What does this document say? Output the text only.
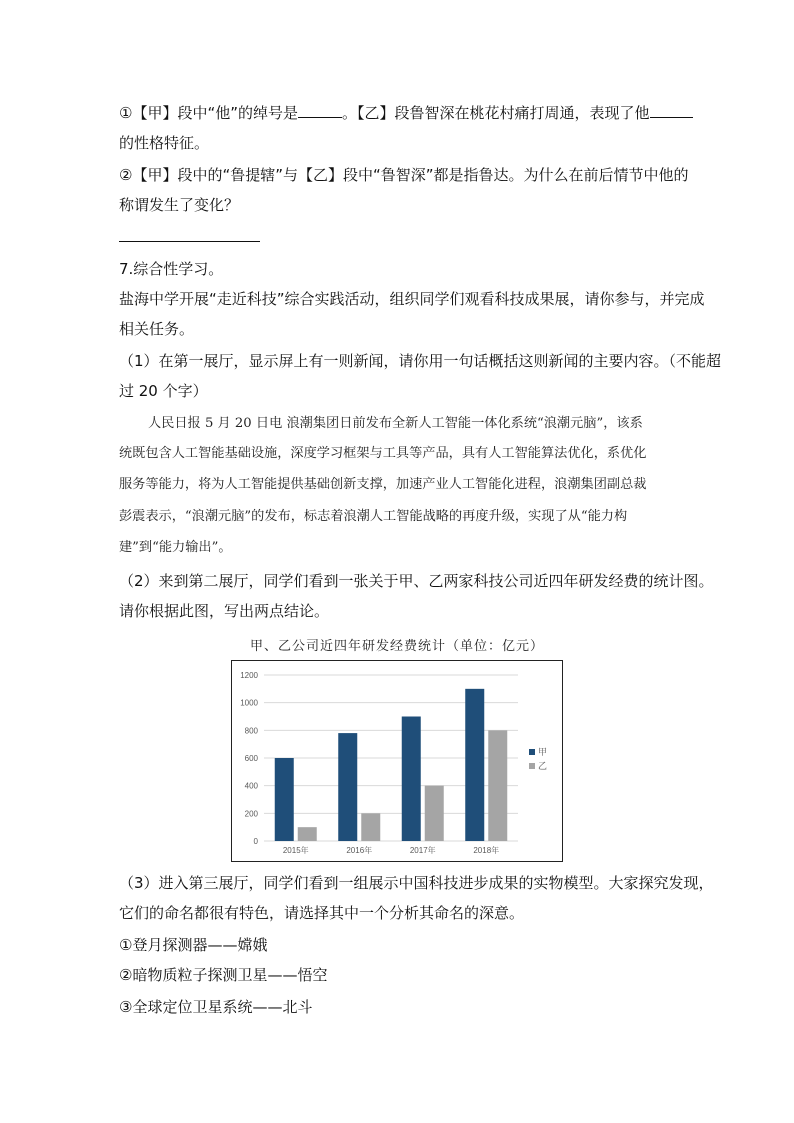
①【甲】段中“他”的绰号是	。【乙】段鲁智深在桃花村痛打周通，表现了他
的性格特征。
②【甲】段中的“鲁提辖”与【乙】段中“鲁智深”都是指鲁达。为什么在前后情节中他的
称谓发生了变化？
7.综合性学习。
盐海中学开展“走近科技”综合实践活动，组织同学们观看科技成果展，请你参与，并完成
相关任务。
（1）在第一展厅，显示屏上有一则新闻，请你用一句话概括这则新闻的主要内容。（不能超
过 20 个字）
人民日报 5 月 20 日电 浪潮集团日前发布全新人工智能一体化系统“浪潮元脑”，该系
统既包含人工智能基础设施，深度学习框架与工具等产品，具有人工智能算法优化，系优化
服务等能力，将为人工智能提供基础创新支撑，加速产业人工智能化进程，浪潮集团副总裁
彭震表示，“浪潮元脑”的发布，标志着浪潮人工智能战略的再度升级，实现了从“能力构
建”到“能力输出”。
（2）来到第二展厅，同学们看到一张关于甲、乙两家科技公司近四年研发经费的统计图。
请你根据此图，写出两点结论。
甲、乙公司近四年研发经费统计（单位：亿元）
0
200
400
600
800
1000
1200
2015年	2016年	2017年	2018年
甲
乙
（3）进入第三展厅，同学们看到一组展示中国科技进步成果的实物模型。大家探究发现，
它们的命名都很有特色，请选择其中一个分析其命名的深意。
①登月探测器——嫦娥
②暗物质粒子探测卫星——悟空
③全球定位卫星系统——北斗
